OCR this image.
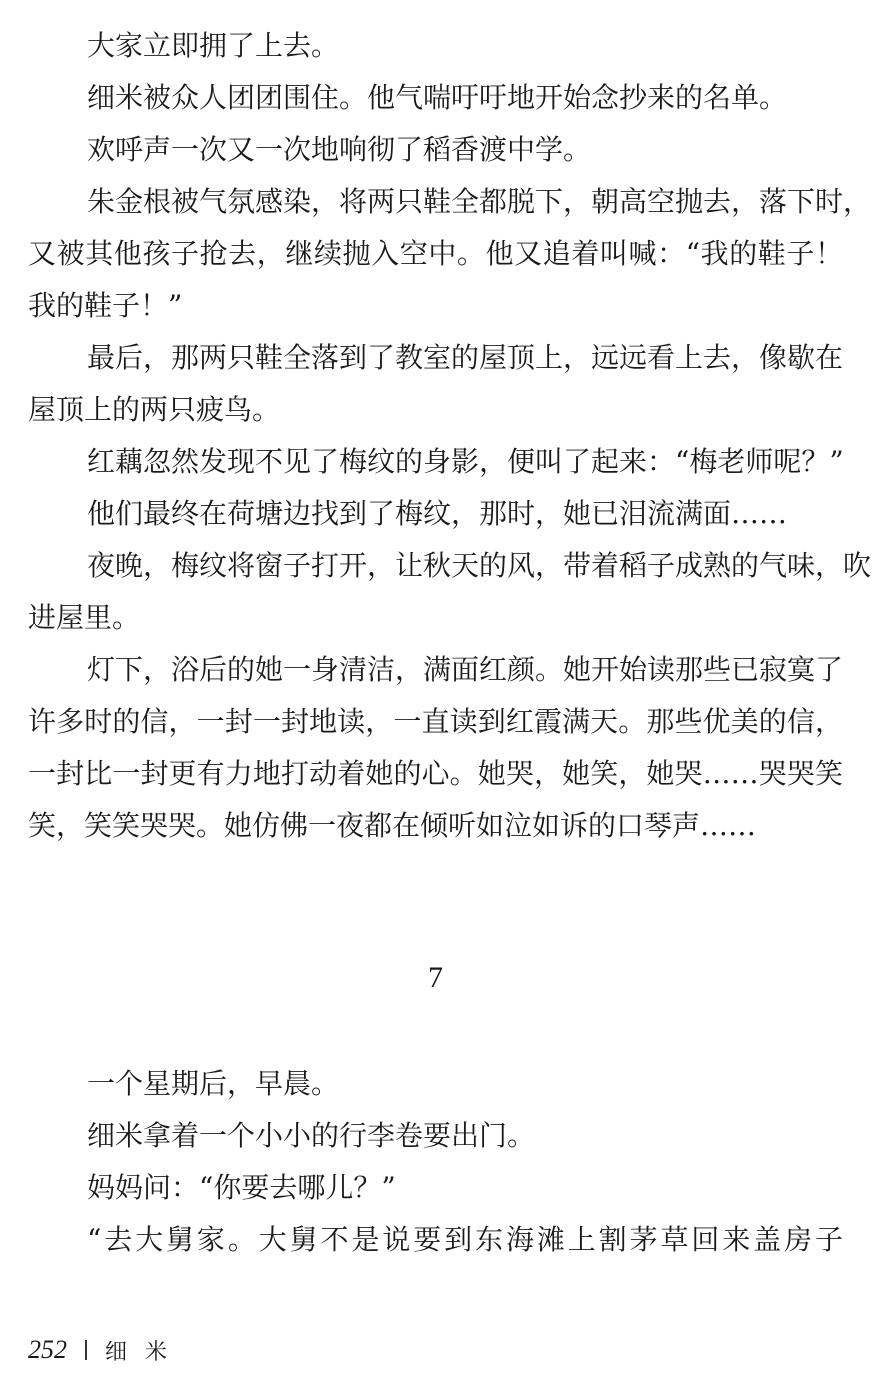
大家立即拥了上去。
细米被众人团团围住。他气喘吁吁地开始念抄来的名单。
欢呼声一次又一次地响彻了稻香渡中学。
朱金根被气氛感染，将两只鞋全都脱下，朝高空抛去，落下时，
又被其他孩子抢去，继续抛入空中。他又追着叫喊：“我的鞋子！
我的鞋子！”
最后，那两只鞋全落到了教室的屋顶上，远远看上去，像歇在
屋顶上的两只疲鸟。
红藕忽然发现不见了梅纹的身影，便叫了起来：“梅老师呢？”
他们最终在荷塘边找到了梅纹，那时，她已泪流满面……
夜晚，梅纹将窗子打开，让秋天的风，带着稻子成熟的气味，吹
进屋里。
灯下，浴后的她一身清洁，满面红颜。她开始读那些已寂寞了
许多时的信，一封一封地读，一直读到红霞满天。那些优美的信，
一封比一封更有力地打动着她的心。她哭，她笑，她哭……哭哭笑
笑，笑笑哭哭。她仿佛一夜都在倾听如泣如诉的口琴声……
7
一个星期后，早晨。
细米拿着一个小小的行李卷要出门。
妈妈问：“你要去哪儿？”
“去大舅家。大舅不是说要到东海滩上割茅草回来盖房子
252 细米
